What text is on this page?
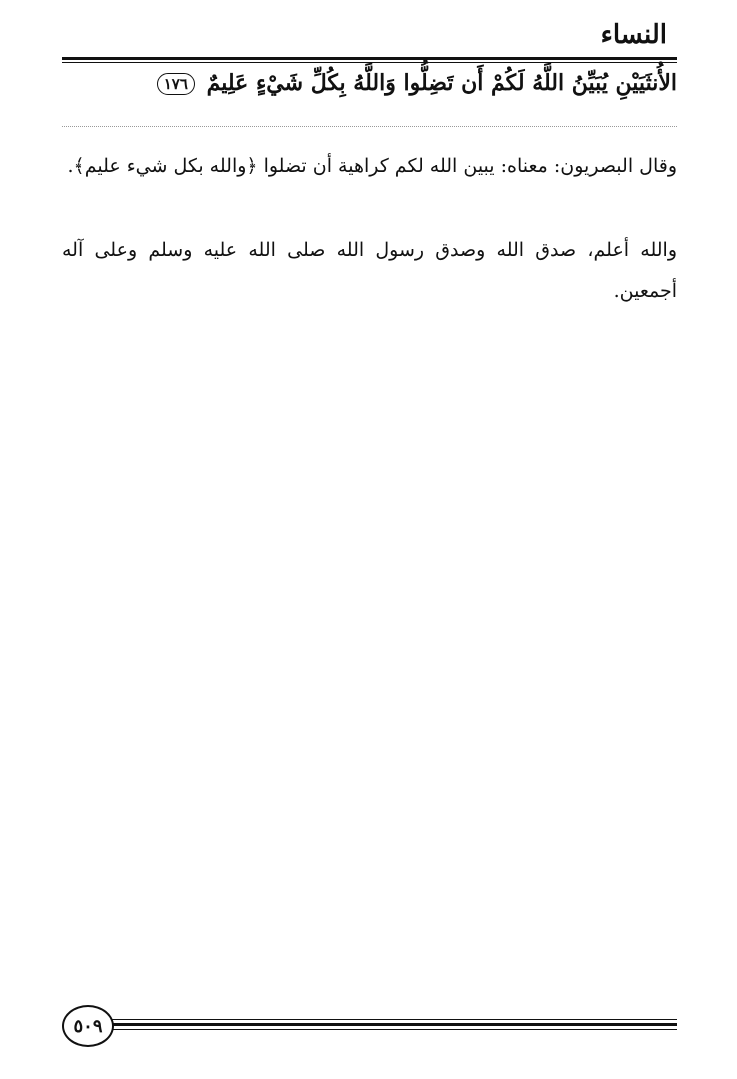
النساء
الأُنثَيَيْنِ يُبَيِّنُ اللَّهُ لَكُمْ أَن تَضِلُّوا وَاللَّهُ بِكُلِّ شَيْءٍ عَلِيمٌ ١٧٦
وقال البصريون: معناه: يبين الله لكم كراهية أن تضلوا ﴿والله بكل شيء عليم﴾.
والله أعلم، صدق الله وصدق رسول الله صلى الله عليه وسلم وعلى آله أجمعين.
٥٠٩
